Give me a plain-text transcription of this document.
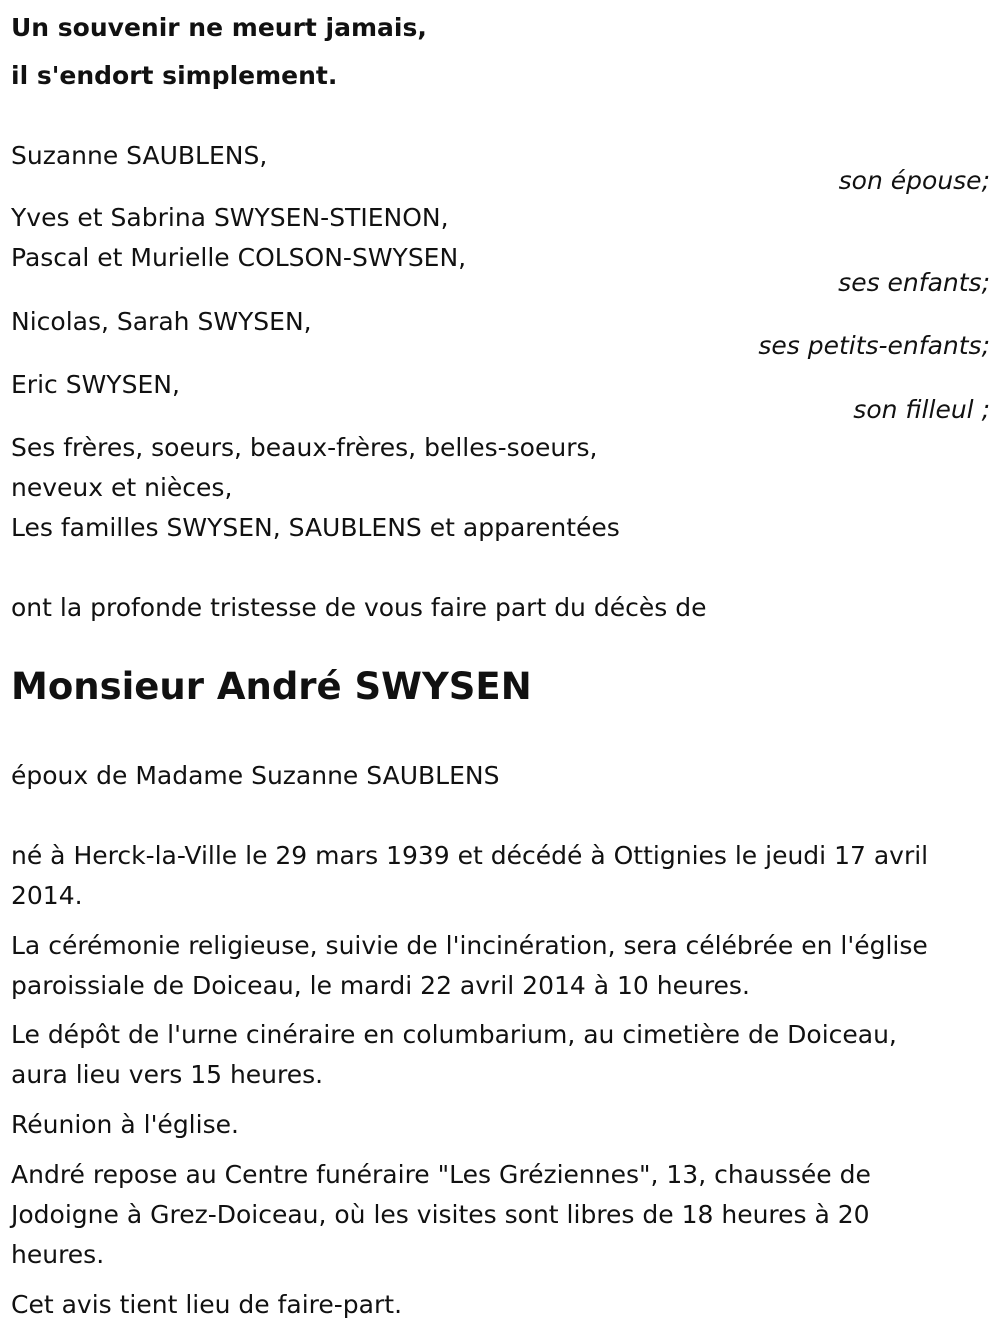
Un souvenir ne meurt jamais,
il s'endort simplement.
Suzanne SAUBLENS,
son épouse;
Yves et Sabrina SWYSEN-STIENON,
Pascal et Murielle COLSON-SWYSEN,
ses enfants;
Nicolas, Sarah SWYSEN,
ses petits-enfants;
Eric SWYSEN,
son filleul ;
Ses frères, soeurs, beaux-frères, belles-soeurs,
neveux et nièces,
Les familles SWYSEN, SAUBLENS et apparentées
ont la profonde tristesse de vous faire part du décès de
Monsieur André SWYSEN
époux de Madame Suzanne SAUBLENS
né à Herck-la-Ville le 29 mars 1939 et décédé à Ottignies le jeudi 17 avril
2014.
La cérémonie religieuse, suivie de l'incinération, sera célébrée en l'église
paroissiale de Doiceau, le mardi 22 avril 2014 à 10 heures.
Le dépôt de l'urne cinéraire en columbarium, au cimetière de Doiceau,
aura lieu vers 15 heures.
Réunion à l'église.
André repose au Centre funéraire "Les Gréziennes", 13, chaussée de
Jodoigne à Grez-Doiceau, où les visites sont libres de 18 heures à 20
heures.
Cet avis tient lieu de faire-part.
